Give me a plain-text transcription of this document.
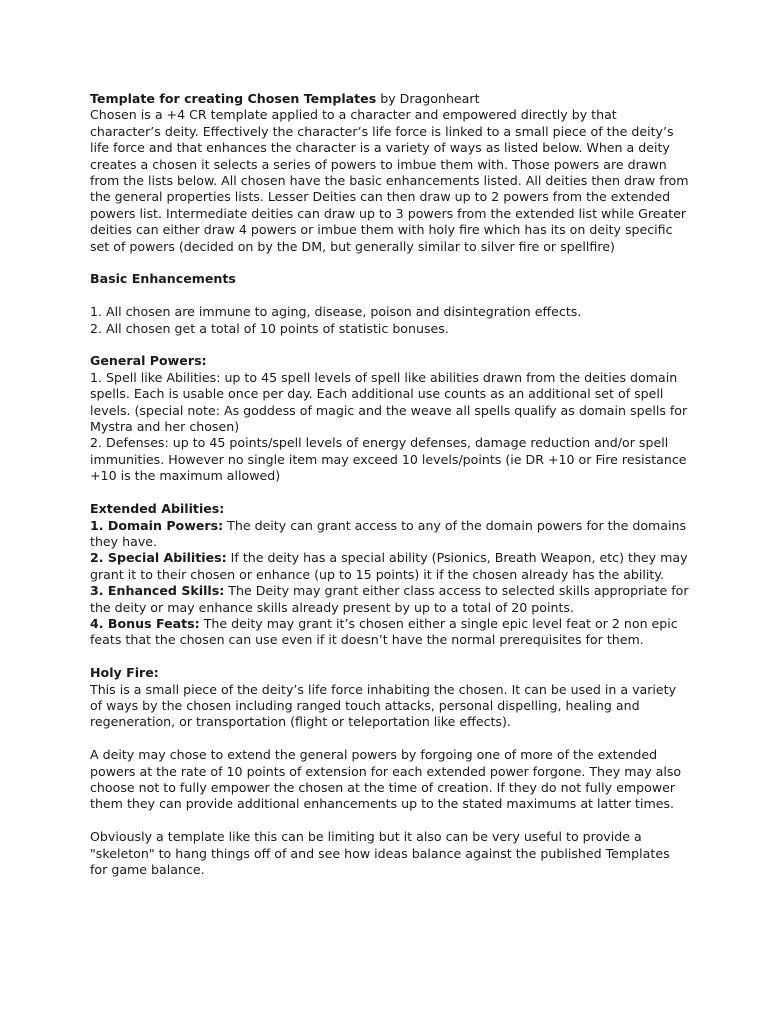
Template for creating Chosen Templates by Dragonheart

Chosen is a +4 CR template applied to a character and empowered directly by that character’s deity. Effectively the character’s life force is linked to a small piece of the deity’s life force and that enhances the character is a variety of ways as listed below. When a deity creates a chosen it selects a series of powers to imbue them with. Those powers are drawn from the lists below. All chosen have the basic enhancements listed. All deities then draw from the general properties lists. Lesser Deities can then draw up to 2 powers from the extended powers list. Intermediate deities can draw up to 3 powers from the extended list while Greater deities can either draw 4 powers or imbue them with holy fire which has its on deity specific set of powers (decided on by the DM, but generally similar to silver fire or spellfire)

Basic Enhancements

1. All chosen are immune to aging, disease, poison and disintegration effects.

2. All chosen get a total of 10 points of statistic bonuses.

General Powers:

1. Spell like Abilities: up to 45 spell levels of spell like abilities drawn from the deities domain spells. Each is usable once per day. Each additional use counts as an additional set of spell levels. (special note: As goddess of magic and the weave all spells qualify as domain spells for Mystra and her chosen)

2. Defenses: up to 45 points/spell levels of energy defenses, damage reduction and/or spell immunities. However no single item may exceed 10 levels/points (ie DR +10 or Fire resistance +10 is the maximum allowed)

Extended Abilities:

1. Domain Powers: The deity can grant access to any of the domain powers for the domains they have.

2. Special Abilities: If the deity has a special ability (Psionics, Breath Weapon, etc) they may grant it to their chosen or enhance (up to 15 points) it if the chosen already has the ability.

3. Enhanced Skills: The Deity may grant either class access to selected skills appropriate for the deity or may enhance skills already present by up to a total of 20 points.

4. Bonus Feats: The deity may grant it’s chosen either a single epic level feat or 2 non epic feats that the chosen can use even if it doesn’t have the normal prerequisites for them.

Holy Fire:

This is a small piece of the deity’s life force inhabiting the chosen. It can be used in a variety of ways by the chosen including ranged touch attacks, personal dispelling, healing and regeneration, or transportation (flight or teleportation like effects).

A deity may chose to extend the general powers by forgoing one of more of the extended powers at the rate of 10 points of extension for each extended power forgone. They may also choose not to fully empower the chosen at the time of creation. If they do not fully empower them they can provide additional enhancements up to the stated maximums at latter times.

Obviously a template like this can be limiting but it also can be very useful to provide a "skeleton" to hang things off of and see how ideas balance against the published Templates for game balance.
